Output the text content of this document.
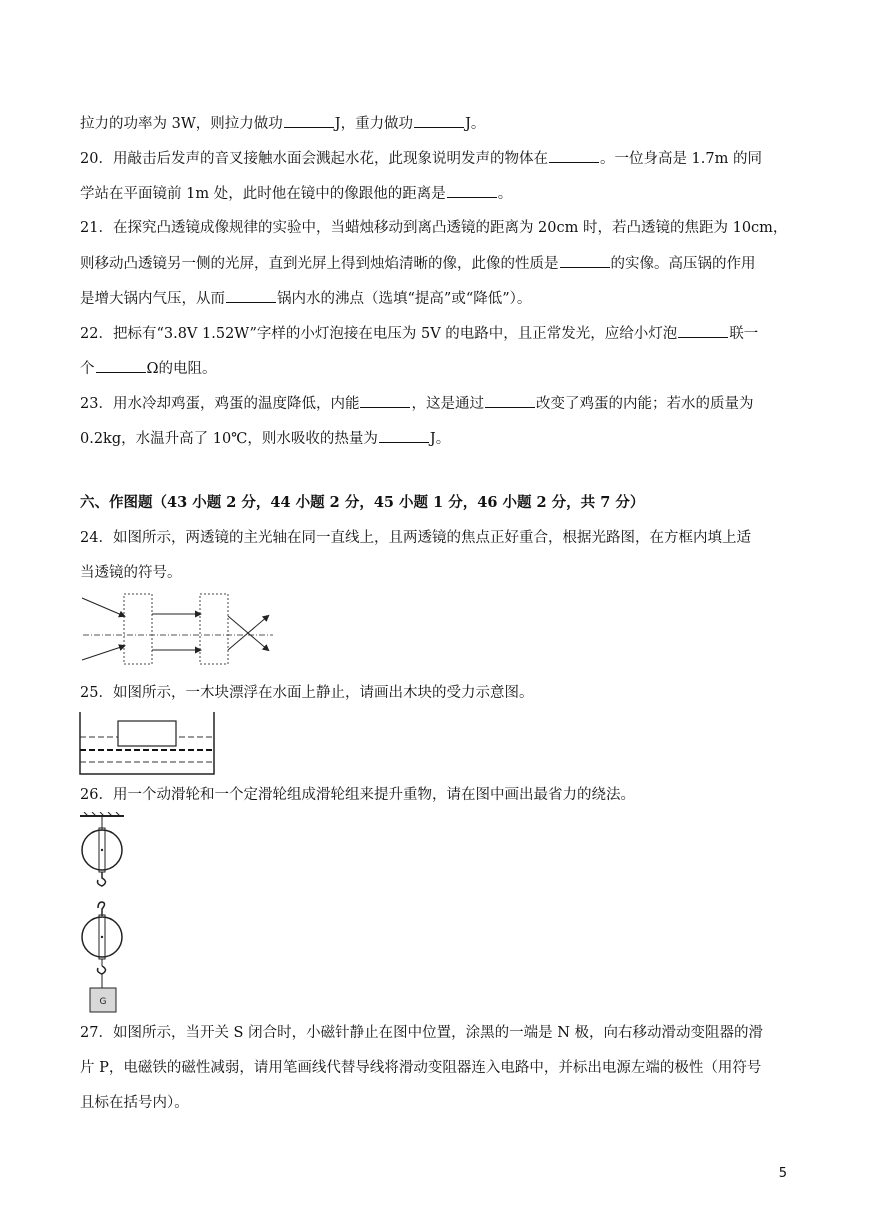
拉力的功率为 3W，则拉力做功	J，重力做功	J。
20．用敲击后发声的音叉接触水面会溅起水花，此现象说明发声的物体在	。一位身高是 1.7m 的同
学站在平面镜前 1m 处，此时他在镜中的像跟他的距离是	。
21．在探究凸透镜成像规律的实验中，当蜡烛移动到离凸透镜的距离为 20cm 时，若凸透镜的焦距为 10cm，
则移动凸透镜另一侧的光屏，直到光屏上得到烛焰清晰的像，此像的性质是	的实像。高压锅的作用
是增大锅内气压，从而	锅内水的沸点（选填“提高”或“降低”）。
22．把标有“3.8V 1.52W”字样的小灯泡接在电压为 5V 的电路中，且正常发光，应给小灯泡	联一
个	Ω的电阻。
23．用水冷却鸡蛋，鸡蛋的温度降低，内能	，这是通过	改变了鸡蛋的内能；若水的质量为
0.2kg，水温升高了 10℃，则水吸收的热量为	J。
六、作图题（43 小题 2 分，44 小题 2 分，45 小题 1 分，46 小题 2 分，共 7 分）
24．如图所示，两透镜的主光轴在同一直线上，且两透镜的焦点正好重合，根据光路图，在方框内填上适
当透镜的符号。
25．如图所示，一木块漂浮在水面上静止，请画出木块的受力示意图。
26．用一个动滑轮和一个定滑轮组成滑轮组来提升重物，请在图中画出最省力的绕法。
G
27．如图所示，当开关 S 闭合时，小磁针静止在图中位置，涂黑的一端是 N 极，向右移动滑动变阻器的滑
片 P，电磁铁的磁性减弱，请用笔画线代替导线将滑动变阻器连入电路中，并标出电源左端的极性（用符号
且标在括号内）。
5
